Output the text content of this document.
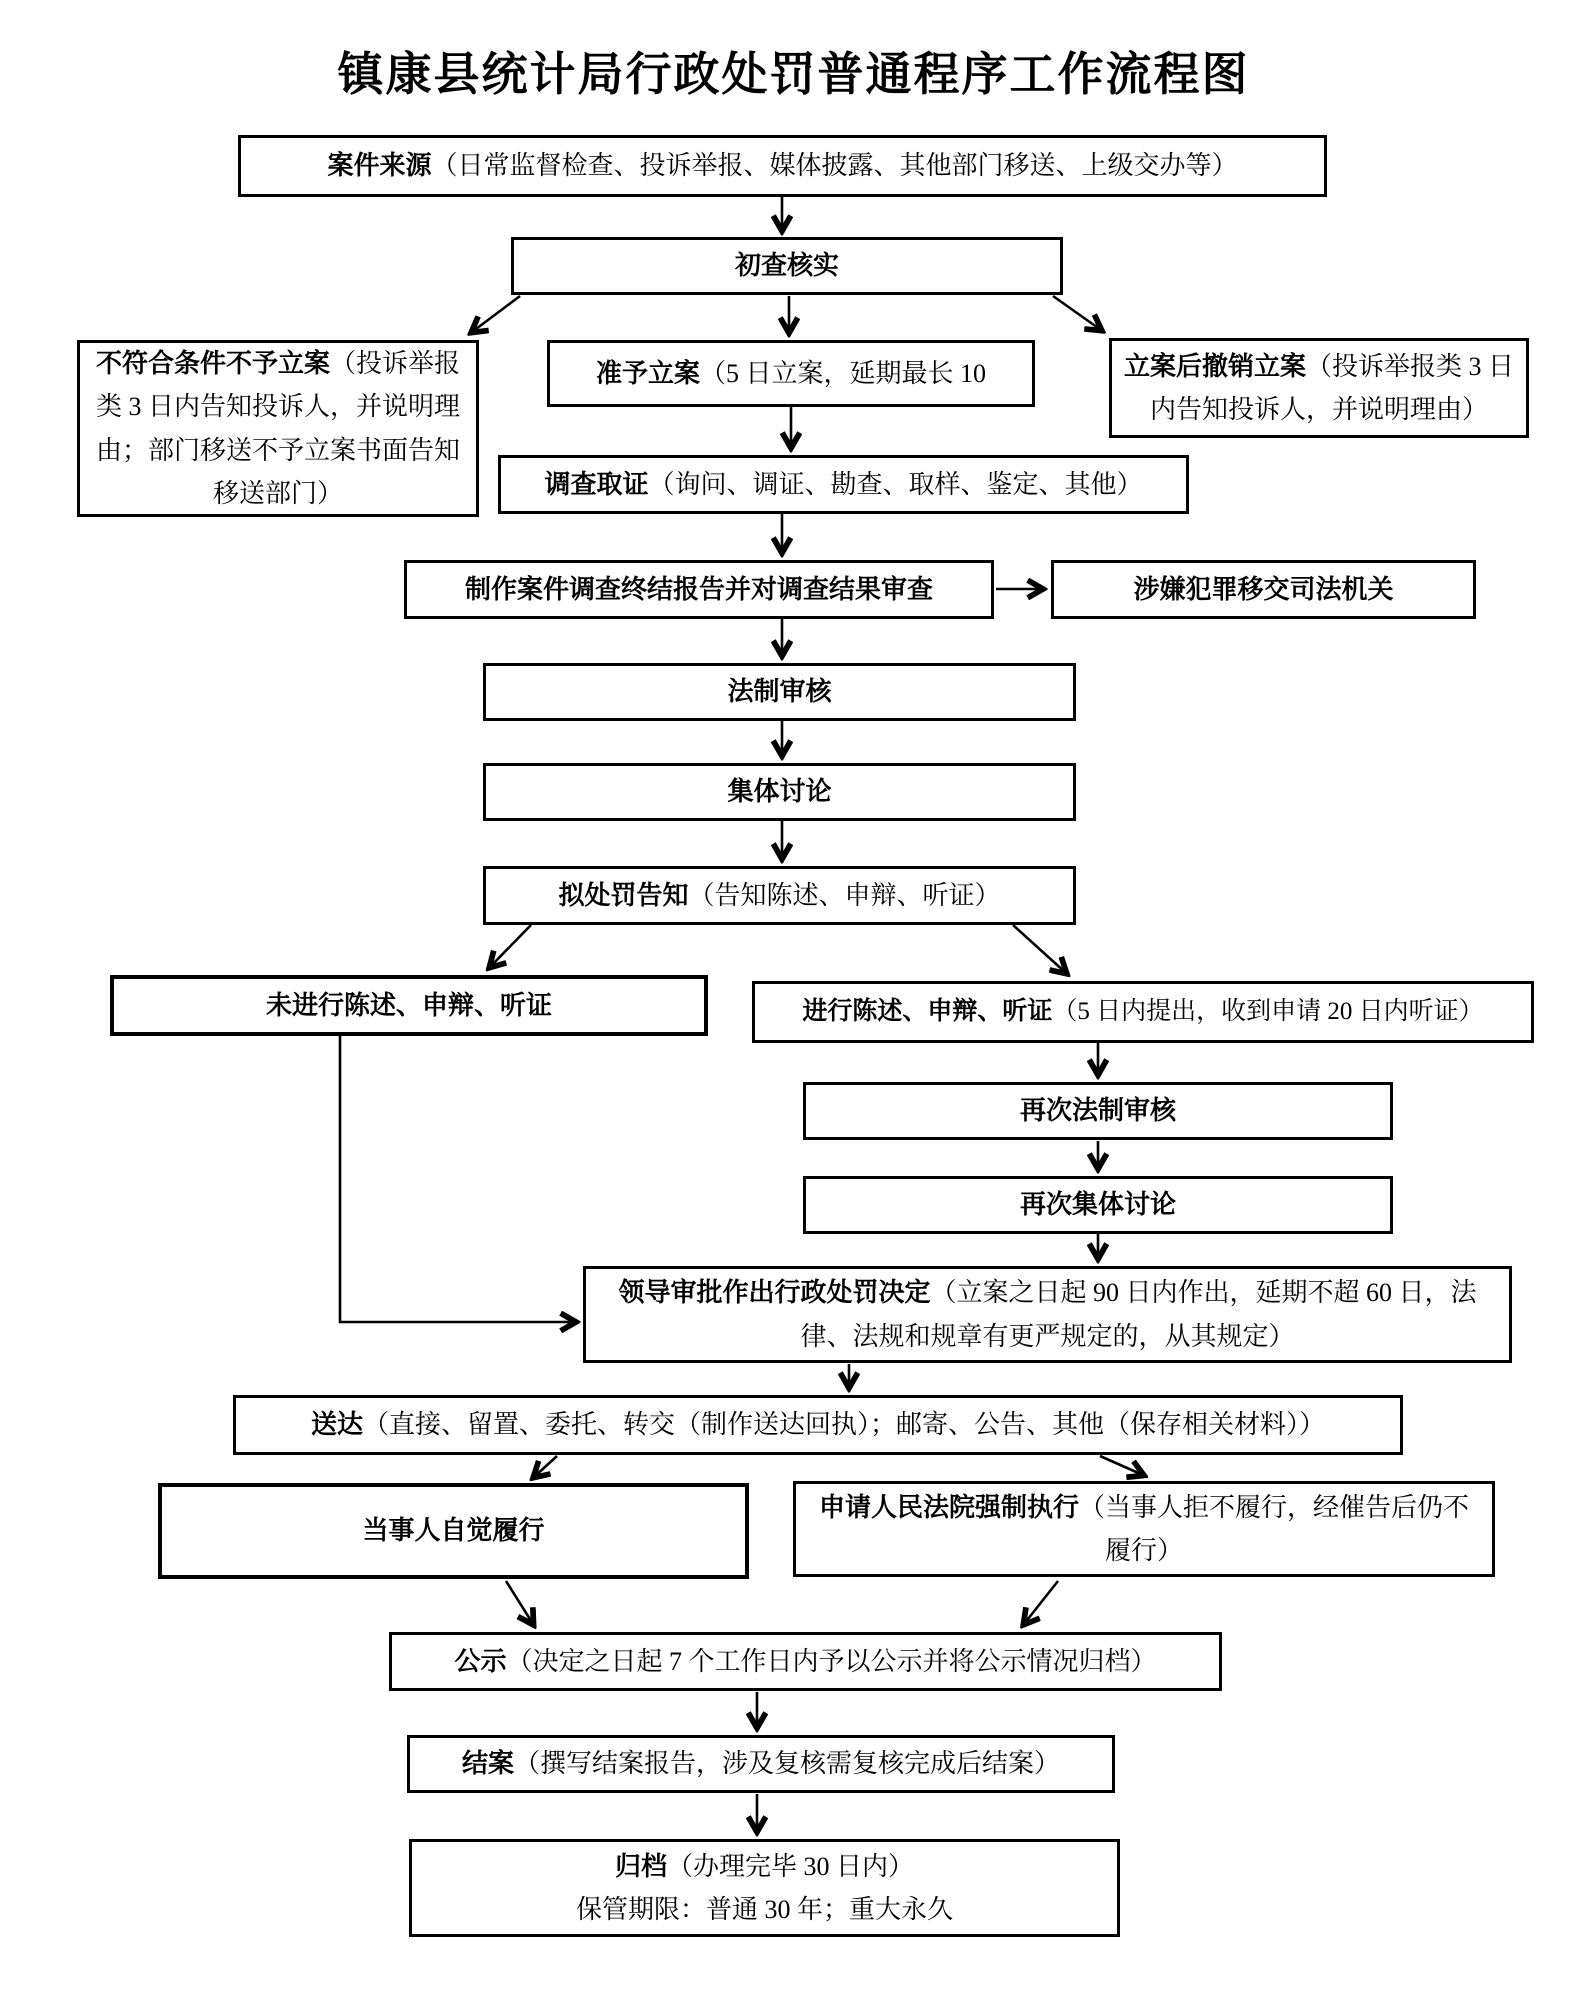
镇康县统计局行政处罚普通程序工作流程图
案件来源（日常监督检查、投诉举报、媒体披露、其他部门移送、上级交办等）
初查核实
不符合条件不予立案（投诉举报类 3 日内告知投诉人，并说明理由；部门移送不予立案书面告知移送部门）
准予立案（5 日立案，延期最长 10	立案后撤销立案（投诉举报类 3 日内告知投诉人，并说明理由）
调查取证（询问、调证、勘查、取样、鉴定、其他）
制作案件调查终结报告并对调查结果审查	涉嫌犯罪移交司法机关
法制审核
集体讨论
拟处罚告知（告知陈述、申辩、听证）
未进行陈述、申辩、听证	进行陈述、申辩、听证（5 日内提出，收到申请 20 日内听证）
再次法制审核
再次集体讨论
领导审批作出行政处罚决定（立案之日起 90 日内作出，延期不超 60 日，法律、法规和规章有更严规定的，从其规定）
送达（直接、留置、委托、转交（制作送达回执）；邮寄、公告、其他（保存相关材料））
当事人自觉履行
申请人民法院强制执行（当事人拒不履行，经催告后仍不履行）
公示（决定之日起 7 个工作日内予以公示并将公示情况归档）
结案（撰写结案报告，涉及复核需复核完成后结案）
归档（办理完毕 30 日内）
保管期限：普通 30 年；重大永久
